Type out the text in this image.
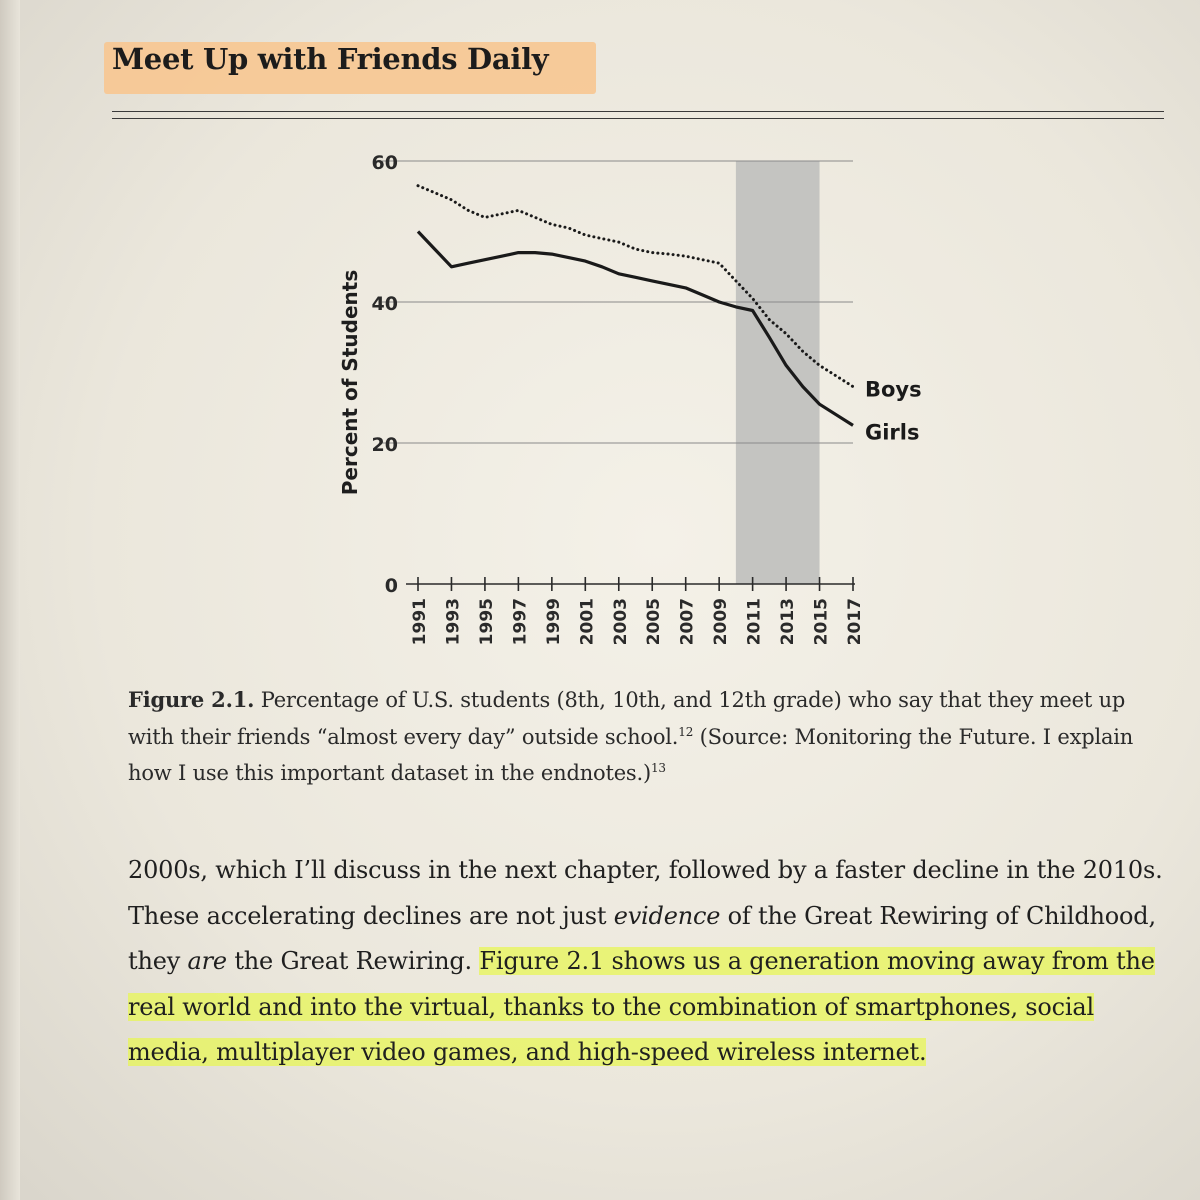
Meet Up with Friends Daily
0
20
40
60
1991 1993 1995 1997 1999 2001 2003 2005 2007 2009 2011 2013 2015 2017
Percent of Students	Boys
Girls

Figure 2.1. Percentage of U.S. students (8th, 10th, and 12th grade) who say that they meet up with their friends “almost every day” outside school.$^{12}$ (Source: Monitoring the Future. I explain how I use this important dataset in the endnotes.)$^{13}$

2000s, which I’ll discuss in the next chapter, followed by a faster decline in the 2010s. These accelerating declines are not just evidence of the Great Rewiring of Childhood, they are the Great Rewiring. Figure 2.1 shows us a generation moving away from the real world and into the virtual, thanks to the combination of smartphones, social media, multiplayer video games, and high-speed wireless internet.
